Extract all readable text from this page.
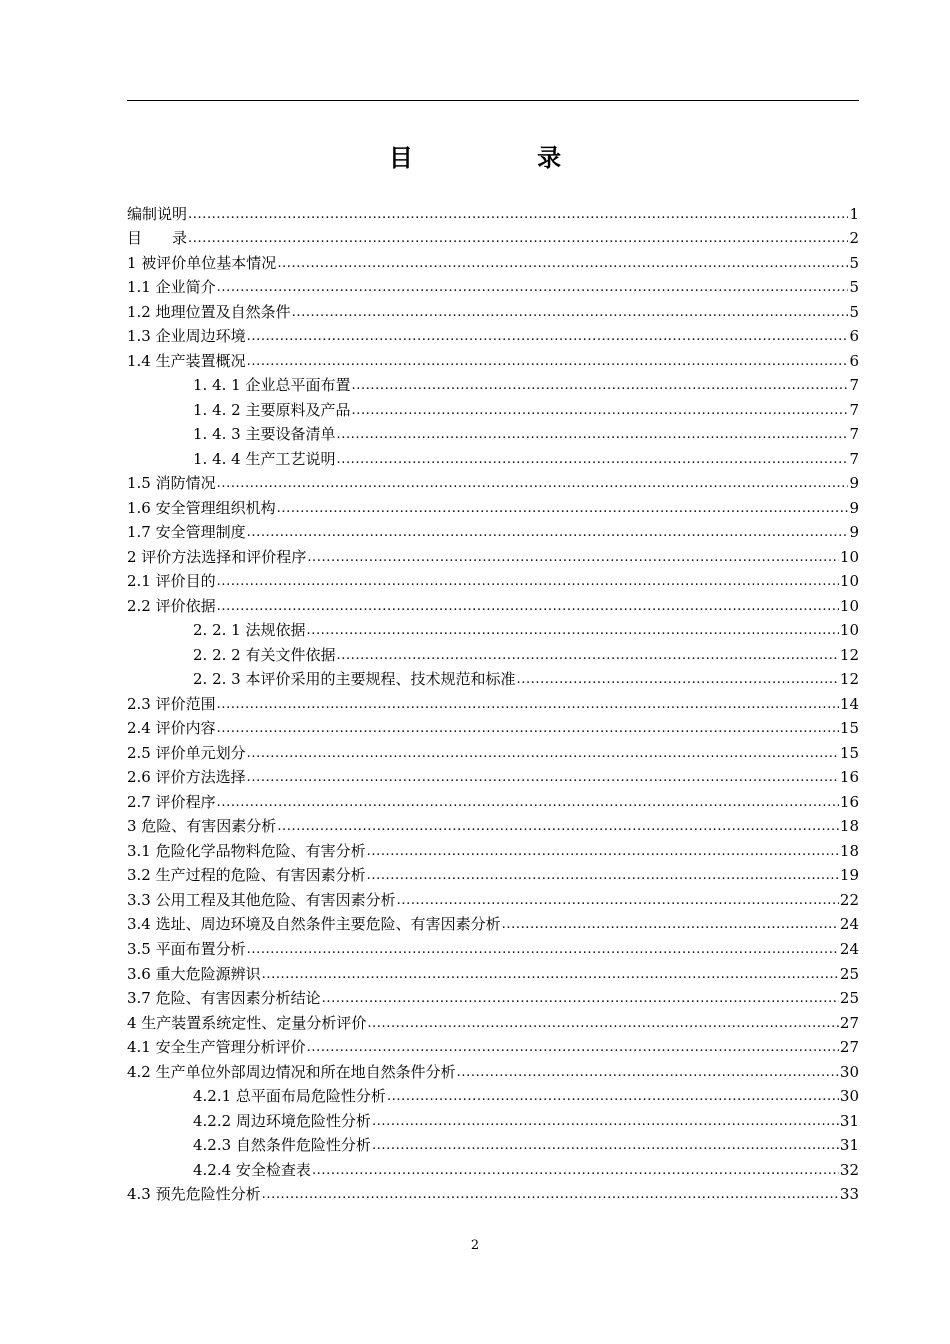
目 录
编制说明 .....	1
目　　录 .....	2
1 被评价单位基本情况 .....	5
1.1 企业简介 .....	5
1.2 地理位置及自然条件 .....	5
1.3 企业周边环境 .....	6
1.4 生产装置概况 .....	6
1. 4. 1 企业总平面布置 .....	7
1. 4. 2 主要原料及产品 .....	7
1. 4. 3 主要设备清单 .....	7
1. 4. 4 生产工艺说明 .....	7
1.5 消防情况 .....	9
1.6 安全管理组织机构 .....	9
1.7 安全管理制度 .....	9
2 评价方法选择和评价程序 .....	10
2.1 评价目的 .....	10
2.2 评价依据 .....	10
2. 2. 1 法规依据 .....	10
2. 2. 2 有关文件依据 .....	12
2. 2. 3 本评价采用的主要规程、技术规范和标准 .....	12
2.3 评价范围 .....	14
2.4 评价内容 .....	15
2.5 评价单元划分 .....	15
2.6 评价方法选择 .....	16
2.7 评价程序 .....	16
3 危险、有害因素分析 .....	18
3.1 危险化学品物料危险、有害分析 .....	18
3.2 生产过程的危险、有害因素分析 .....	19
3.3 公用工程及其他危险、有害因素分析 .....	22
3.4 选址、周边环境及自然条件主要危险、有害因素分析 .....	24
3.5 平面布置分析 .....	24
3.6 重大危险源辨识 .....	25
3.7 危险、有害因素分析结论 .....	25
4 生产装置系统定性、定量分析评价 .....	27
4.1 安全生产管理分析评价 .....	27
4.2 生产单位外部周边情况和所在地自然条件分析 .....	30
4.2.1 总平面布局危险性分析 .....	30
4.2.2 周边环境危险性分析 .....	31
4.2.3 自然条件危险性分析 .....	31
4.2.4 安全检查表 .....	32
4.3 预先危险性分析 .....	33
2
